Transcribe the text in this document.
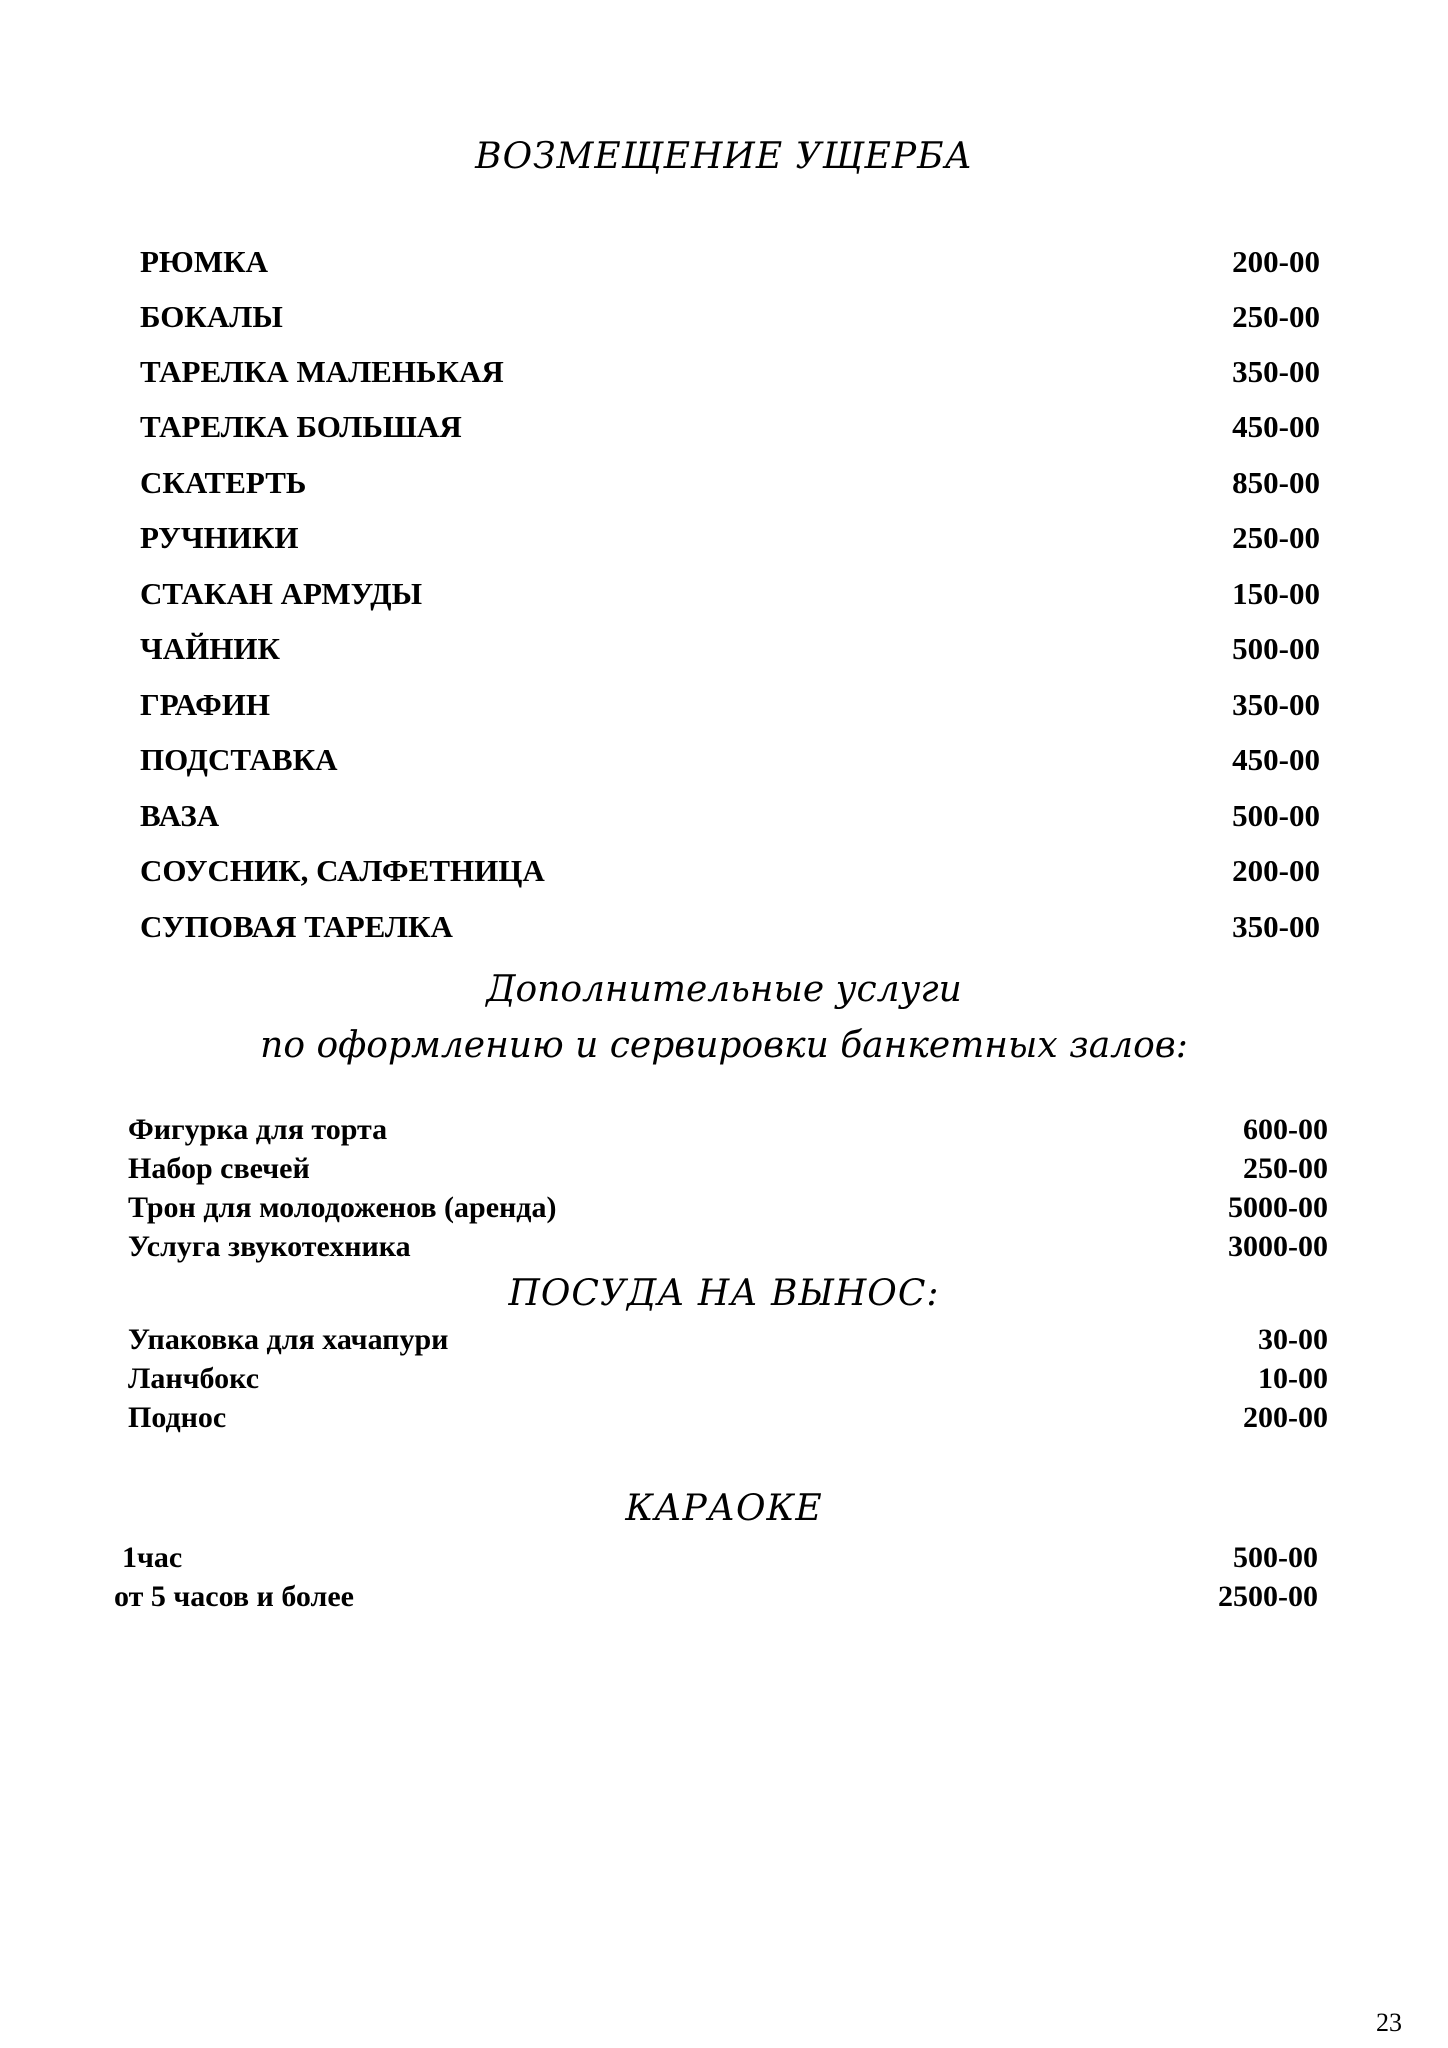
ВОЗМЕЩЕНИЕ УЩЕРБА
РЮМКА	200-00
БОКАЛЫ	250-00
ТАРЕЛКА МАЛЕНЬКАЯ	350-00
ТАРЕЛКА БОЛЬШАЯ	450-00
СКАТЕРТЬ	850-00
РУЧНИКИ	250-00
СТАКАН АРМУДЫ	150-00
ЧАЙНИК	500-00
ГРАФИН	350-00
ПОДСТАВКА	450-00
ВАЗА	500-00
СОУСНИК, САЛФЕТНИЦА	200-00
СУПОВАЯ ТАРЕЛКА	350-00
Дополнительные услуги
по оформлению и сервировки банкетных залов:
Фигурка для торта	600-00
Набор свечей	250-00
Трон для молодоженов (аренда)	5000-00
Услуга звукотехника	3000-00
ПОСУДА НА ВЫНОС:
Упаковка для хачапури	30-00
Ланчбокс	10-00
Поднос	200-00
КАРАОКЕ
1час	500-00
от 5 часов и более	2500-00
23
